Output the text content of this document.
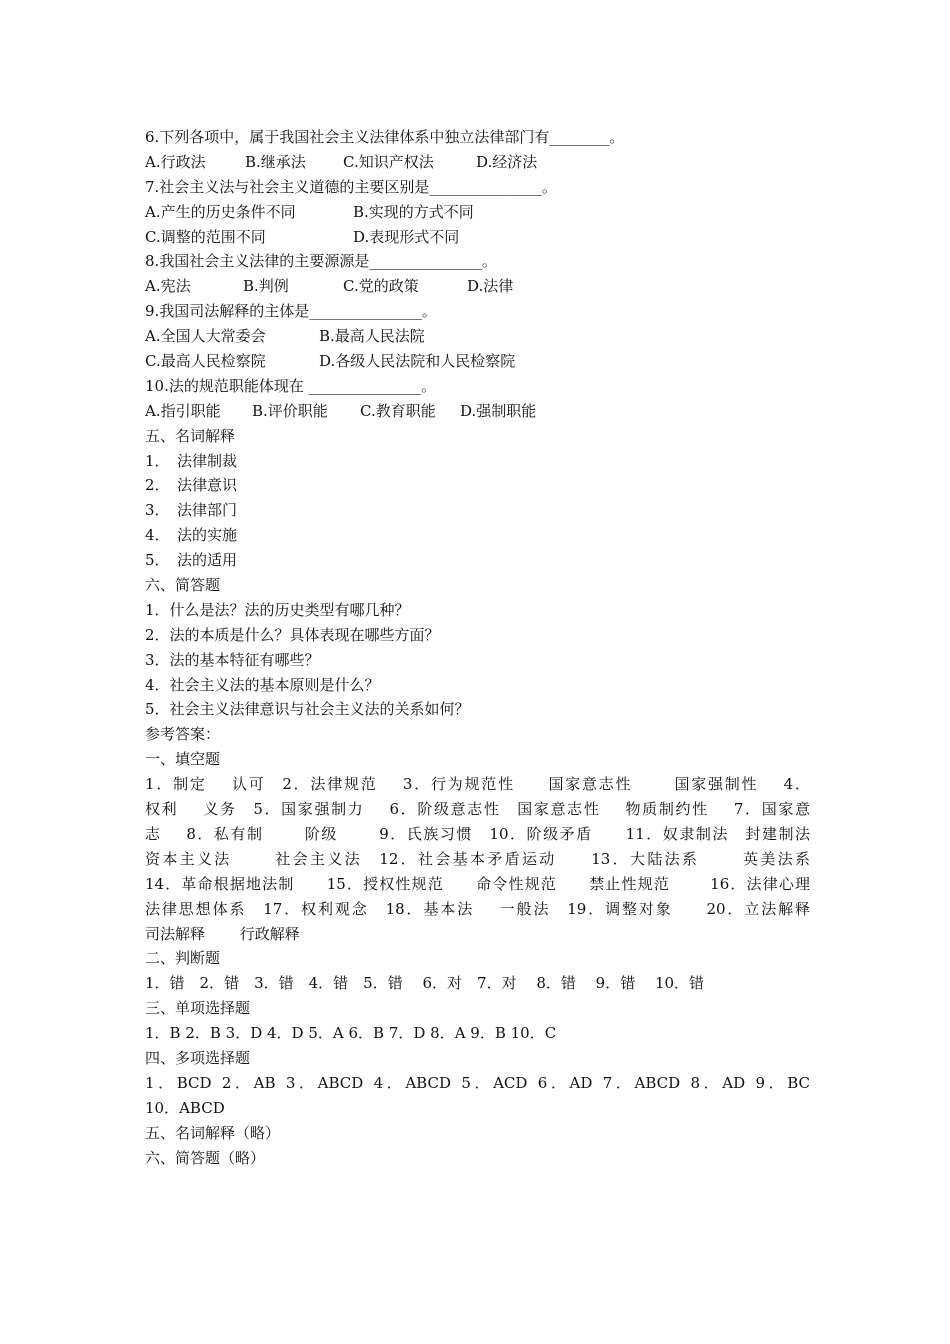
6.下列各项中，属于我国社会主义法律体系中独立法律部门有________。
A.行政法	B.继承法	C.知识产权法	D.经济法
7.社会主义法与社会主义道德的主要区别是_______________。
A.产生的历史条件不同	B.实现的方式不同
C.调整的范围不同	D.表现形式不同
8.我国社会主义法律的主要源源是_______________。
A.宪法	B.判例	C.党的政策	D.法律
9.我国司法解释的主体是_______________。
A.全国人大常委会	B.最高人民法院
C.最高人民检察院	D.各级人民法院和人民检察院
10.法的规范职能体现在 _______________。
A.指引职能	B.评价职能	C.教育职能	D.强制职能
五、名词解释
1．　法律制裁
2．　法律意识
3．　法律部门
4．　法的实施
5．　法的适用
六、简答题
1．什么是法？法的历史类型有哪几种？
2．法的本质是什么？具体表现在哪些方面？
3．法的基本特征有哪些？
4．社会主义法的基本原则是什么？
5．社会主义法律意识与社会主义法的关系如何？
参考答案：
一、填空题
1．制定　 认可　2．法律规范　 3．行为规范性　　国家意志性　　 国家强制性　 4．
权利　 义务　5．国家强制力　 6．阶级意志性　国家意志性　 物质制约性　 7．国家意
志　 8．私有制　　 阶级　　 9．氏族习惯　10．阶级矛盾　　11．奴隶制法　封建制法
资本主义法　　 社会主义法　12．社会基本矛盾运动　　13．大陆法系　　 英美法系
14．革命根据地法制　　15．授权性规范　　命令性规范　　禁止性规范　　 16．法律心理
法律思想体系　17．权利观念　18．基本法　 一般法　19．调整对象　　20．立法解释
司法解释　　 行政解释
二、判断题
1．错　2．错　3．错　4．错　5．错　 6．对　7．对　 8．错　 9．错　 10．错
三、单项选择题
1．B 2．B 3．D 4．D 5．A 6．B 7．D 8．A 9．B 10．C
四、多项选择题
1．BCD 2．AB 3．ABCD 4．ABCD 5．ACD 6．AD 7．ABCD 8．AD 9．BC
10．ABCD
五、名词解释（略）
六、简答题（略）
